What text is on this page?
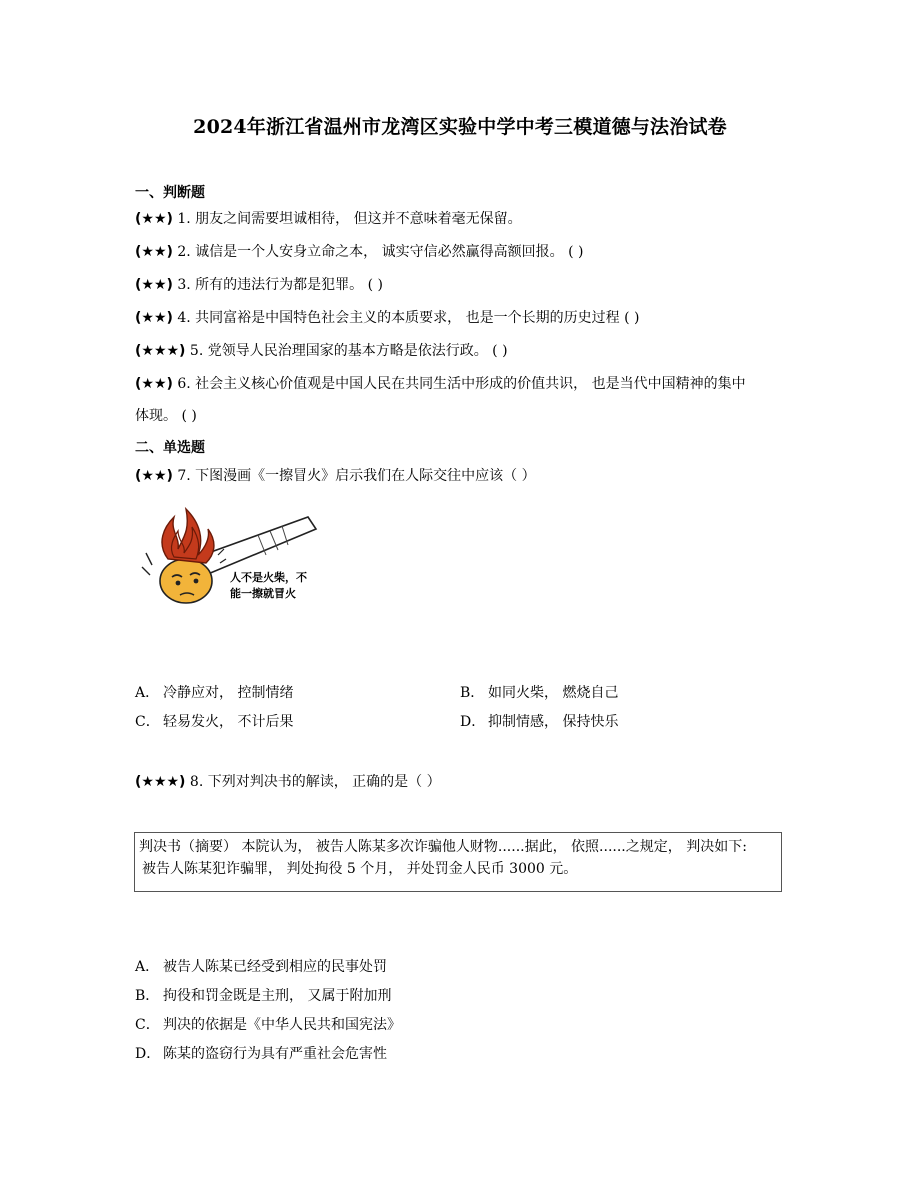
2024年浙江省温州市龙湾区实验中学中考三模道德与法治试卷
一、判断题
(★★) 1. 朋友之间需要坦诚相待， 但这并不意味着毫无保留。
(★★) 2. 诚信是一个人安身立命之本， 诚实守信必然赢得高额回报。 ( )
(★★) 3. 所有的违法行为都是犯罪。 ( )
(★★) 4. 共同富裕是中国特色社会主义的本质要求， 也是一个长期的历史过程 ( )
(★★★) 5. 党领导人民治理国家的基本方略是依法行政。 ( )
(★★) 6. 社会主义核心价值观是中国人民在共同生活中形成的价值共识， 也是当代中国精神的集中
体现。 ( )
二、单选题
(★★) 7. 下图漫画《一擦冒火》启示我们在人际交往中应该（ ）
人不是火柴，不
能一擦就冒火
A． 冷静应对， 控制情绪	B． 如同火柴， 燃烧自己
C． 轻易发火， 不计后果	D． 抑制情感， 保持快乐
(★★★) 8. 下列对判决书的解读， 正确的是（ ）
判决书（摘要） 本院认为， 被告人陈某多次诈骗他人财物......据此， 依照......之规定， 判决如下:
被告人陈某犯诈骗罪， 判处拘役 5 个月， 并处罚金人民币 3000 元。
A． 被告人陈某已经受到相应的民事处罚
B． 拘役和罚金既是主刑， 又属于附加刑
C． 判决的依据是《中华人民共和国宪法》
D． 陈某的盗窃行为具有严重社会危害性
